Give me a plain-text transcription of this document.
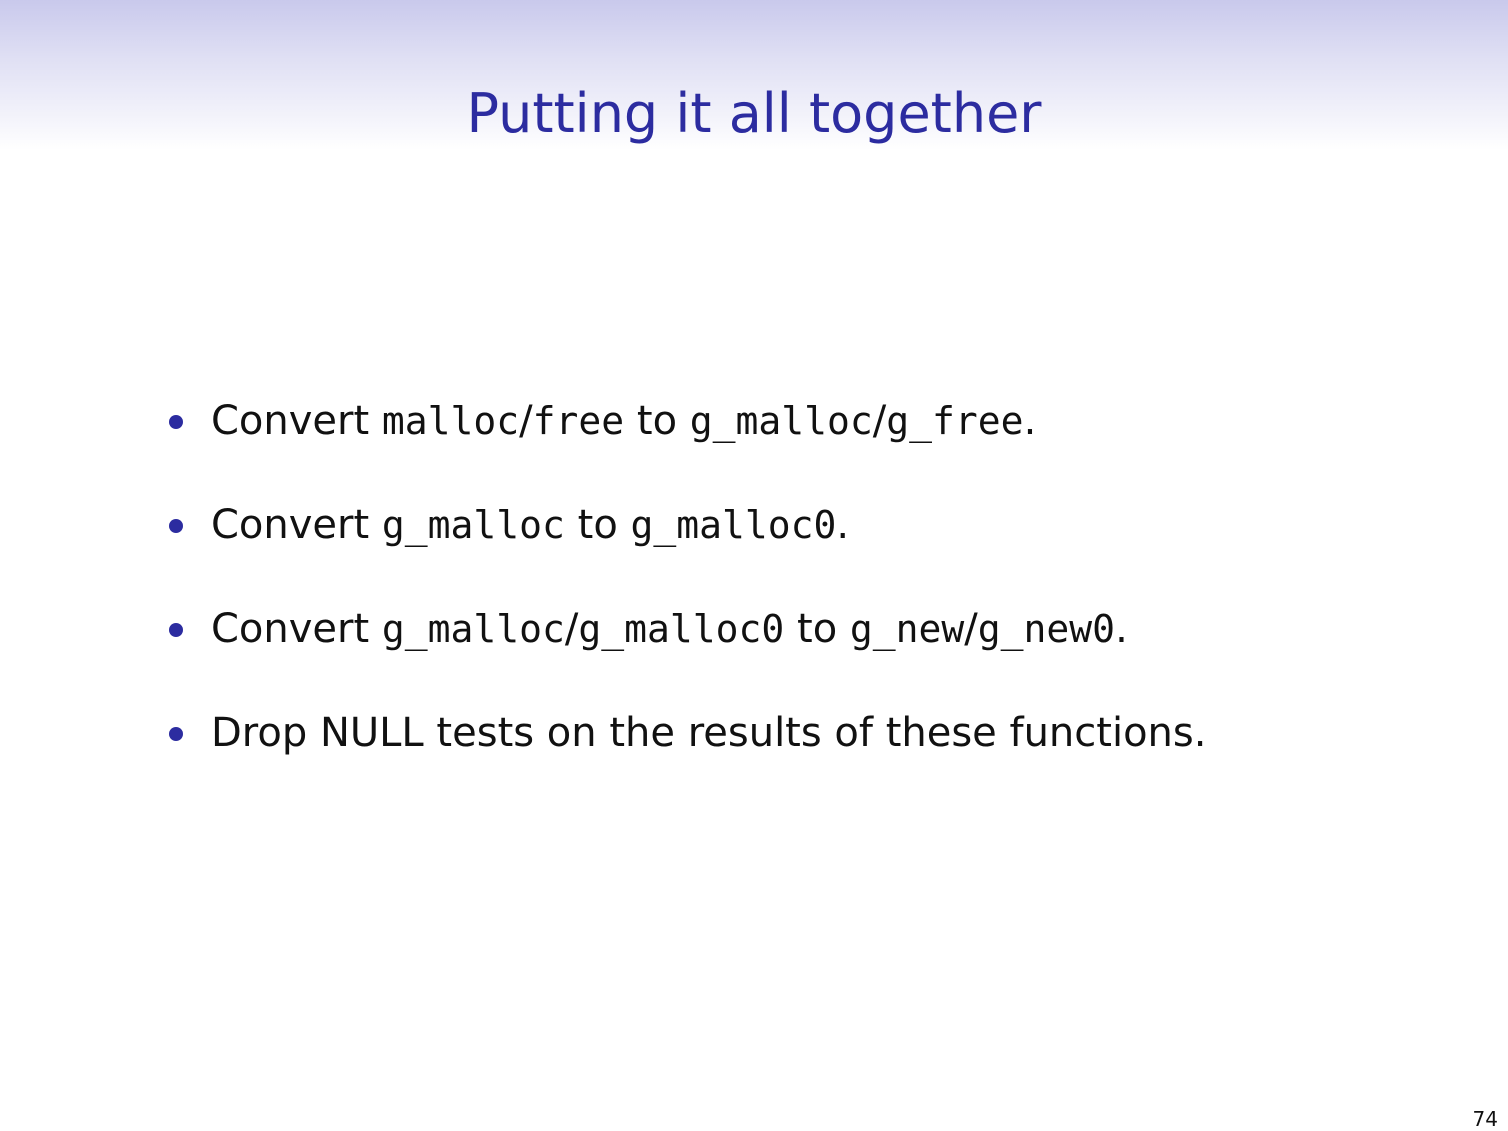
Putting it all together
Convert malloc/free to g_malloc/g_free.
Convert g_malloc to g_malloc0.
Convert g_malloc/g_malloc0 to g_new/g_new0.
Drop NULL tests on the results of these functions.
74
